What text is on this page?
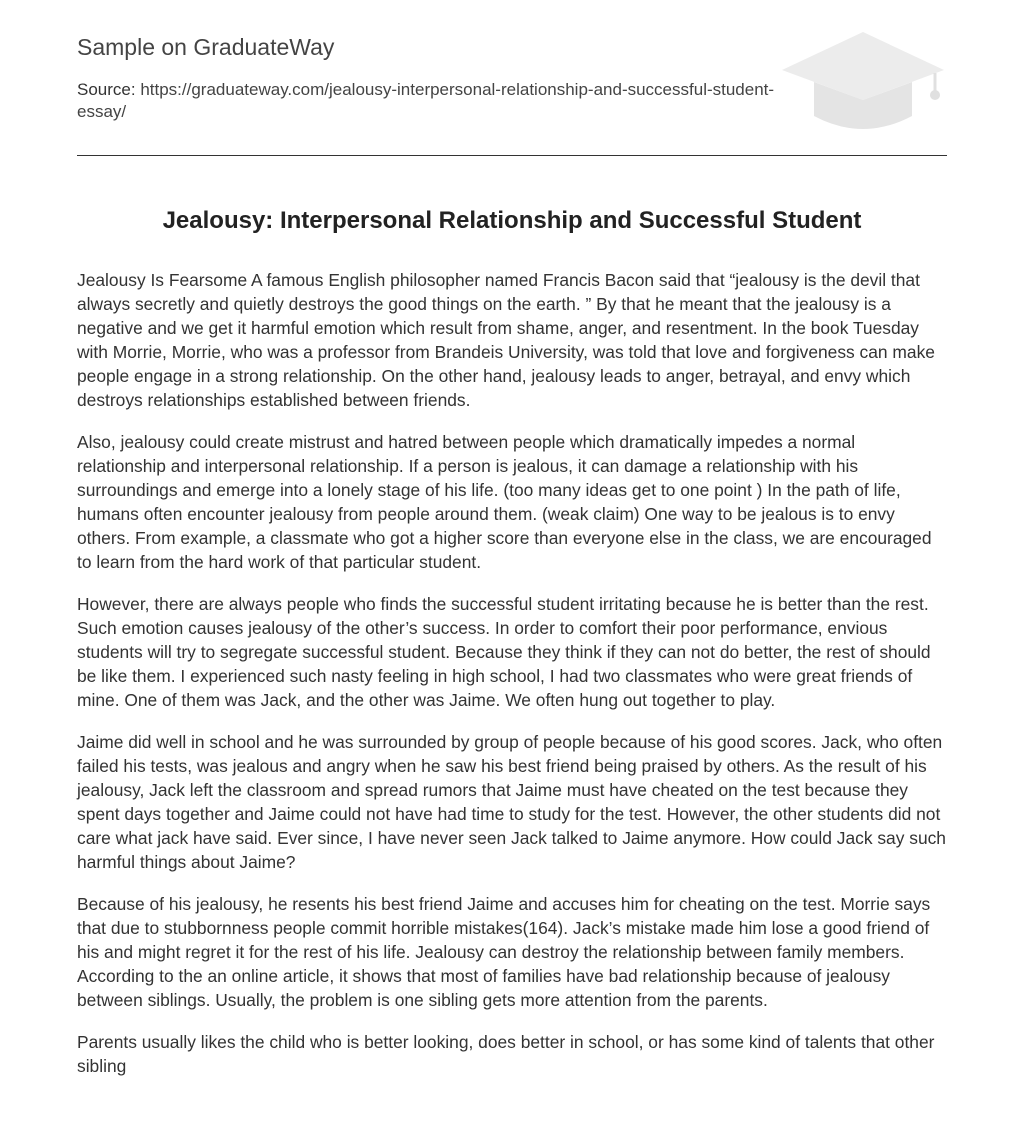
Sample on GraduateWay
Source: https://graduateway.com/jealousy-interpersonal-relationship-and-successful-student-essay/
Jealousy: Interpersonal Relationship and Successful Student

Jealousy Is Fearsome A famous English philosopher named Francis Bacon said that “jealousy is the devil that always secretly and quietly destroys the good things on the earth. ” By that he meant that the jealousy is a negative and we get it harmful emotion which result from shame, anger, and resentment. In the book Tuesday with Morrie, Morrie, who was a professor from Brandeis University, was told that love and forgiveness can make people engage in a strong relationship. On the other hand, jealousy leads to anger, betrayal, and envy which destroys relationships established between friends.

Also, jealousy could create mistrust and hatred between people which dramatically impedes a normal relationship and interpersonal relationship. If a person is jealous, it can damage a relationship with his surroundings and emerge into a lonely stage of his life. (too many ideas get to one point ) In the path of life, humans often encounter jealousy from people around them. (weak claim) One way to be jealous is to envy others. From example, a classmate who got a higher score than everyone else in the class, we are encouraged to learn from the hard work of that particular student.

However, there are always people who finds the successful student irritating because he is better than the rest. Such emotion causes jealousy of the other’s success. In order to comfort their poor performance, envious students will try to segregate successful student. Because they think if they can not do better, the rest of should be like them. I experienced such nasty feeling in high school, I had two classmates who were great friends of mine. One of them was Jack, and the other was Jaime. We often hung out together to play.

Jaime did well in school and he was surrounded by group of people because of his good scores. Jack, who often failed his tests, was jealous and angry when he saw his best friend being praised by others. As the result of his jealousy, Jack left the classroom and spread rumors that Jaime must have cheated on the test because they spent days together and Jaime could not have had time to study for the test. However, the other students did not care what jack have said. Ever since, I have never seen Jack talked to Jaime anymore. How could Jack say such harmful things about Jaime?

Because of his jealousy, he resents his best friend Jaime and accuses him for cheating on the test. Morrie says that due to stubbornness people commit horrible mistakes(164). Jack’s mistake made him lose a good friend of his and might regret it for the rest of his life. Jealousy can destroy the relationship between family members. According to the an online article, it shows that most of families have bad relationship because of jealousy between siblings. Usually, the problem is one sibling gets more attention from the parents.

Parents usually likes the child who is better looking, does better in school, or has some kind of talents that other sibling
